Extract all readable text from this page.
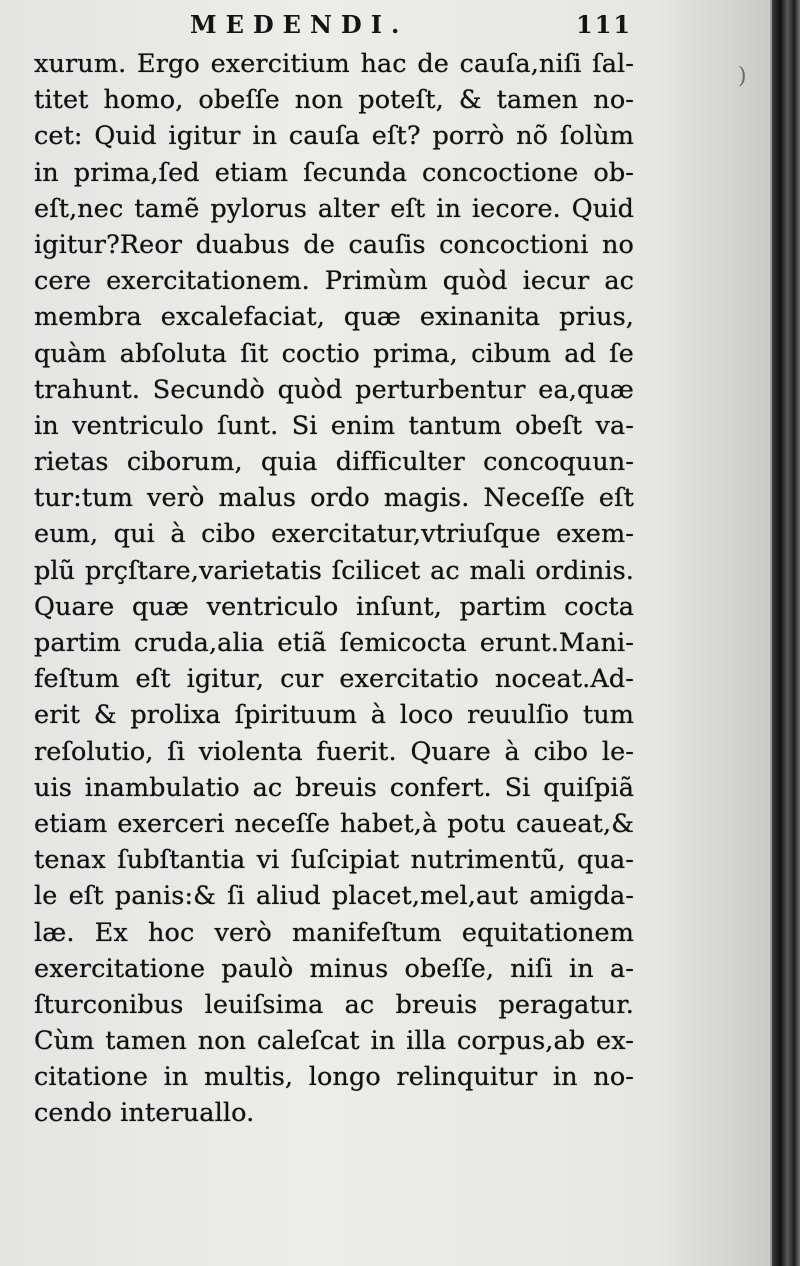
MEDENDI.	111
)
xurum. Ergo exercitium hac de cauſa,niſi ſal-
titet homo, obeſſe non poteſt, & tamen no-
cet: Quid igitur in cauſa eſt? porrò nõ ſolùm
in prima,ſed etiam ſecunda concoctione ob-
eſt,nec tamẽ pylorus alter eſt in iecore. Quid
igitur?Reor duabus de cauſis concoctioni no
cere exercitationem. Primùm quòd iecur ac
membra excalefaciat, quæ exinanita prius,
quàm abſoluta ſit coctio prima, cibum ad ſe
trahunt. Secundò quòd perturbentur ea,quæ
in ventriculo ſunt. Si enim tantum obeſt va-
rietas ciborum, quia difficulter concoquun-
tur:tum verò malus ordo magis. Neceſſe eſt
eum, qui à cibo exercitatur,vtriuſque exem-
plũ prçſtare,varietatis ſcilicet ac mali ordinis.
Quare quæ ventriculo inſunt, partim cocta
partim cruda,alia etiã ſemicocta erunt.Mani-
feſtum eſt igitur, cur exercitatio noceat.Ad-
erit & prolixa ſpirituum à loco reuulſio tum
reſolutio, ſi violenta fuerit. Quare à cibo le-
uis inambulatio ac breuis confert. Si quiſpiã
etiam exerceri neceſſe habet,à potu caueat,&
tenax ſubſtantia vi ſuſcipiat nutrimentũ, qua-
le eſt panis:& ſi aliud placet,mel,aut amigda-
læ. Ex hoc verò manifeſtum equitationem
exercitatione paulò minus obeſſe, niſi in a-
ſturconibus leuiſsima ac breuis peragatur.
Cùm tamen non caleſcat in illa corpus,ab ex-
citatione in multis, longo relinquitur in no-
cendo interuallo.
